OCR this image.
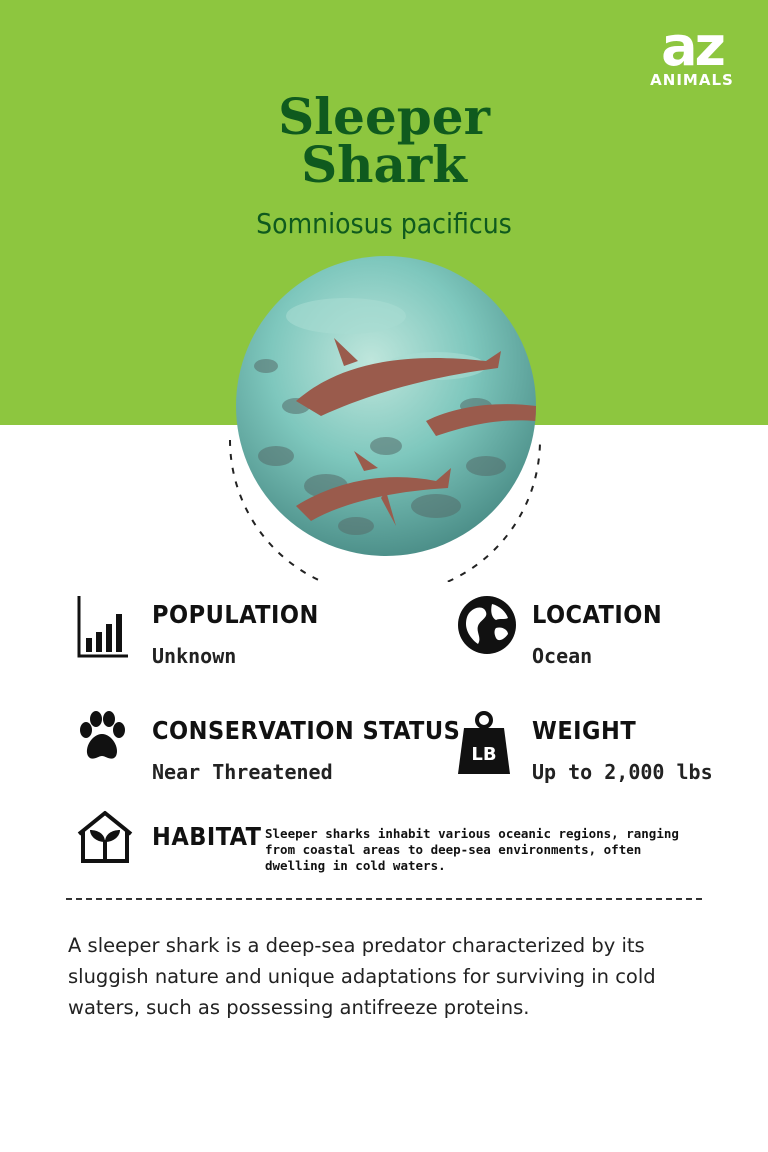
az
ANIMALS
Sleeper
Shark
Somniosus pacificus
POPULATION
Unknown
LOCATION
Ocean
CONSERVATION STATUS
Near Threatened
LB
WEIGHT
Up to 2,000 lbs
HABITAT Sleeper sharks inhabit various oceanic regions, ranging from coastal areas to deep-sea environments, often dwelling in cold waters.
A sleeper shark is a deep-sea predator characterized by its sluggish nature and unique adaptations for surviving in cold waters, such as possessing antifreeze proteins.
